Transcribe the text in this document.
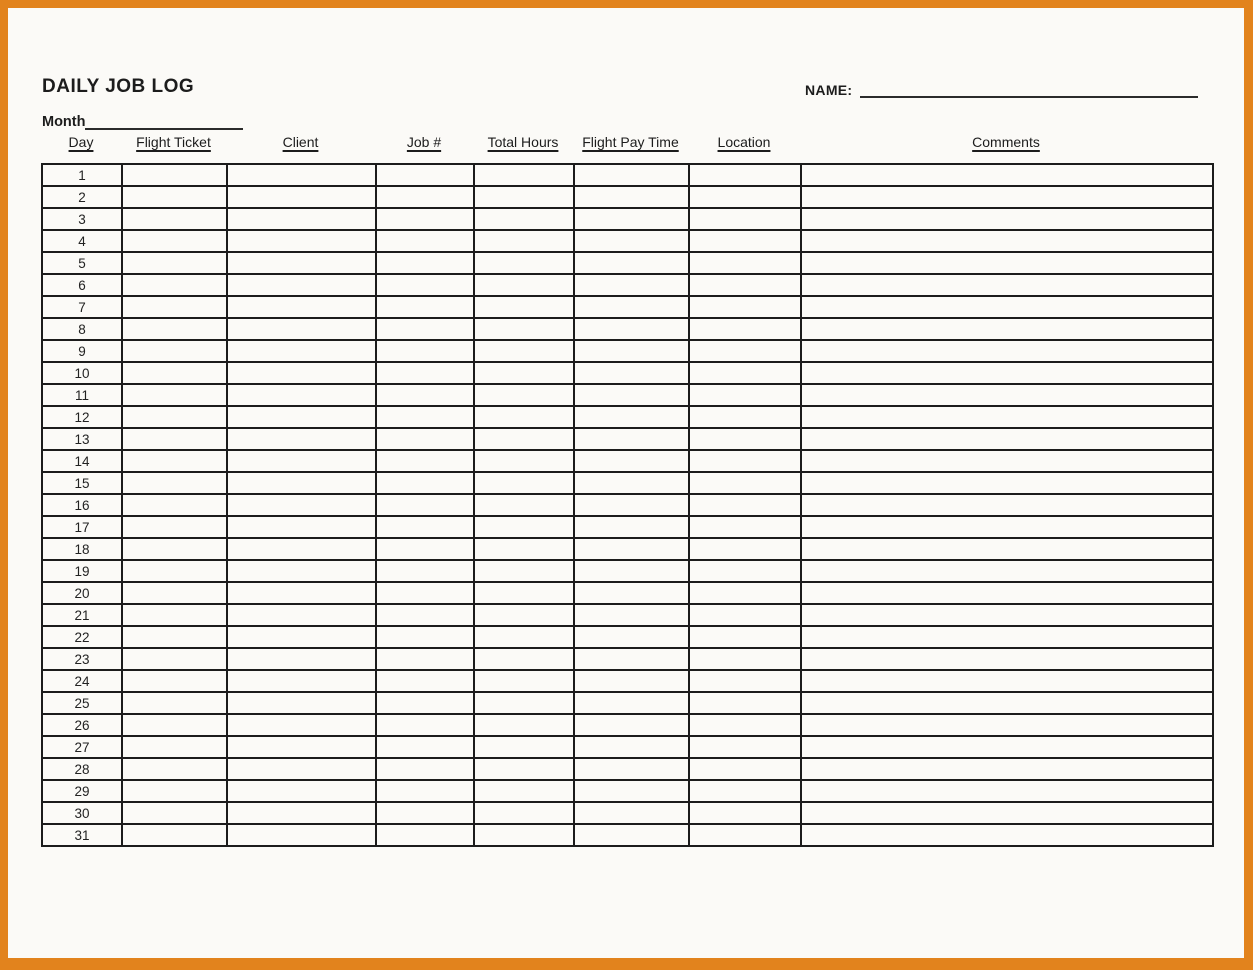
DAILY JOB LOG	NAME:
Month
Day	Flight Ticket	Client	Job #	Total Hours	Flight Pay Time	Location	Comments
1							
2							
3							
4							
5							
6							
7							
8							
9							
10							
11							
12							
13							
14							
15							
16							
17							
18							
19							
20							
21							
22							
23							
24							
25							
26							
27							
28							
29							
30							
31							
